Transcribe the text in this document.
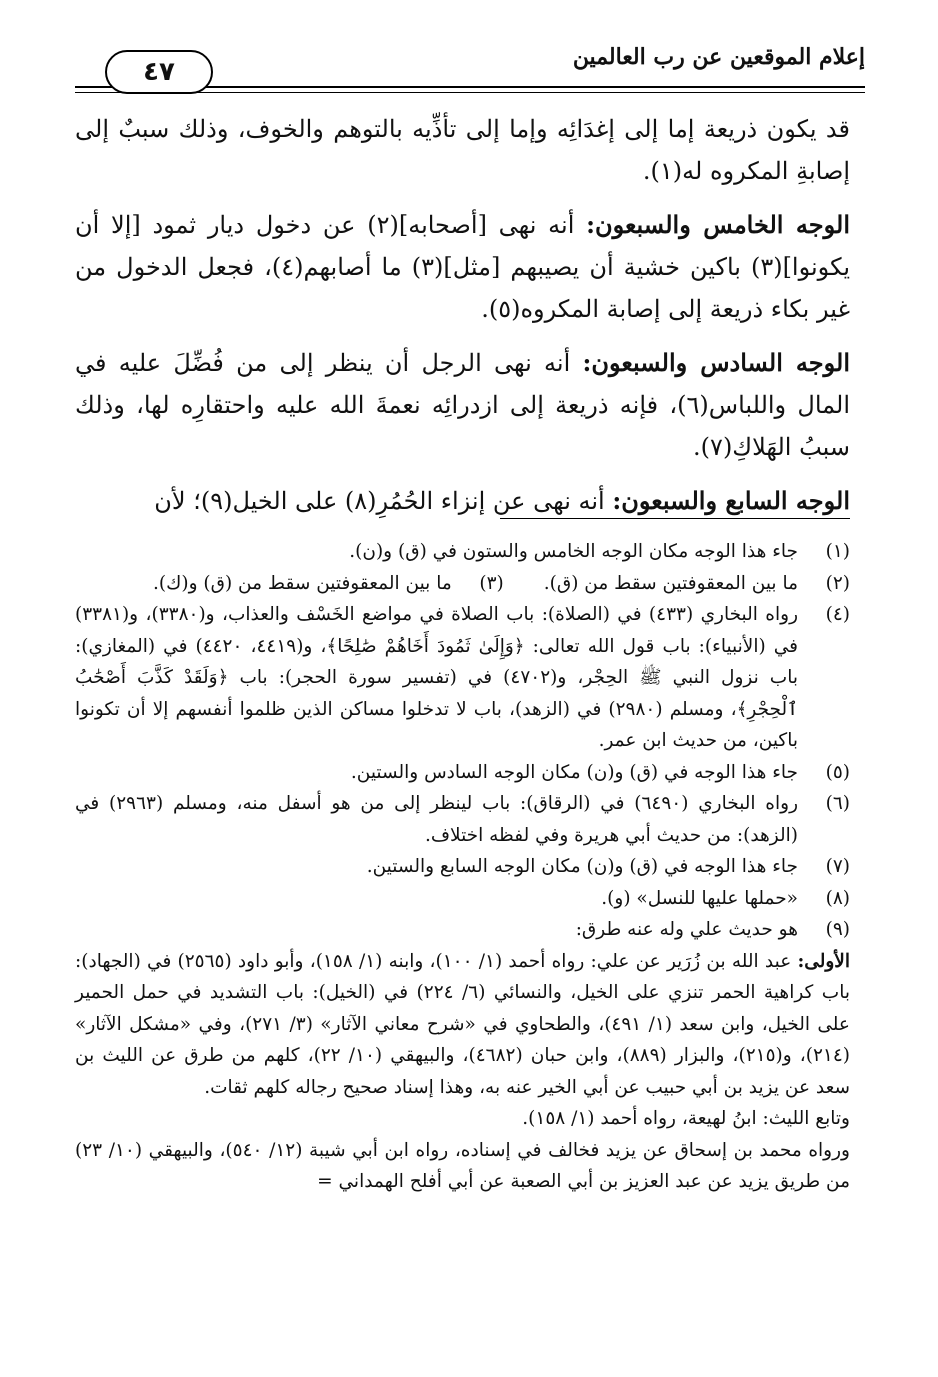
إعلام الموقعين عن رب العالمين
٤٧

قد يكون ذريعة إما إلى إغدَائِه وإما إلى تأذِّيه بالتوهم والخوف، وذلك سببٌ إلى إصابةِ المكروه له(١).

الوجه الخامس والسبعون: أنه نهى [أصحابه](٢) عن دخول ديار ثمود [إلا أن يكونوا](٣) باكين خشية أن يصيبهم [مثل](٣) ما أصابهم(٤)، فجعل الدخول من غير بكاء ذريعة إلى إصابة المكروه(٥).

الوجه السادس والسبعون: أنه نهى الرجل أن ينظر إلى من فُضِّلَ عليه في المال واللباس(٦)، فإنه ذريعة إلى ازدرائِه نعمةَ الله عليه واحتقارِه لها، وذلك سببُ الهَلاكِ(٧).

الوجه السابع والسبعون: أنه نهى عن إنزاء الحُمُرِ(٨) على الخيل(٩)؛ لأن

(١)
جاء هذا الوجه مكان الوجه الخامس والستون في (ق) و(ن).
(٢)
ما بين المعقوفتين سقط من (ق).
(٣)
ما بين المعقوفتين سقط من (ق) و(ك).
(٤)
رواه البخاري (٤٣٣) في (الصلاة): باب الصلاة في مواضع الخَسْف والعذاب، و(٣٣٨٠)، و(٣٣٨١) في (الأنبياء): باب قول الله تعالى: ﴿وَإِلَىٰ ثَمُودَ أَخَاهُمْ صَٰلِحًا﴾، و(٤٤١٩، ٤٤٢٠) في (المغازي): باب نزول النبي ﷺ الحِجْر، و(٤٧٠٢) في (تفسير سورة الحجر): باب ﴿وَلَقَدْ كَذَّبَ أَصْحَٰبُ ٱلْحِجْرِ﴾، ومسلم (٢٩٨٠) في (الزهد)، باب لا تدخلوا مساكن الذين ظلموا أنفسهم إلا أن تكونوا باكين، من حديث ابن عمر.
(٥)
جاء هذا الوجه في (ق) و(ن) مكان الوجه السادس والستين.
(٦)
رواه البخاري (٦٤٩٠) في (الرقاق): باب لينظر إلى من هو أسفل منه، ومسلم (٢٩٦٣) في (الزهد): من حديث أبي هريرة وفي لفظه اختلاف.
(٧)
جاء هذا الوجه في (ق) و(ن) مكان الوجه السابع والستين.
(٨)
«حملها عليها للنسل» (و).
(٩)
هو حديث علي وله عنه طرق:
الأولى: عبد الله بن زُرَير عن علي: رواه أحمد (١/ ١٠٠)، وابنه (١/ ١٥٨)، وأبو داود (٢٥٦٥) في (الجهاد): باب كراهية الحمر تنزي على الخيل، والنسائي (٦/ ٢٢٤) في (الخيل): باب التشديد في حمل الحمير على الخيل، وابن سعد (١/ ٤٩١)، والطحاوي في «شرح معاني الآثار» (٣/ ٢٧١)، وفي «مشكل الآثار» (٢١٤)، و(٢١٥)، والبزار (٨٨٩)، وابن حبان (٤٦٨٢)، والبيهقي (١٠/ ٢٢)، كلهم من طرق عن الليث بن سعد عن يزيد بن أبي حبيب عن أبي الخير عنه به، وهذا إسناد صحيح رجاله كلهم ثقات.
وتابع الليث: ابنُ لهيعة، رواه أحمد (١/ ١٥٨).
ورواه محمد بن إسحاق عن يزيد فخالف في إسناده، رواه ابن أبي شيبة (١٢/ ٥٤٠)، والبيهقي (١٠/ ٢٣) من طريق يزيد عن عبد العزيز بن أبي الصعبة عن أبي أفلح الهمداني =
